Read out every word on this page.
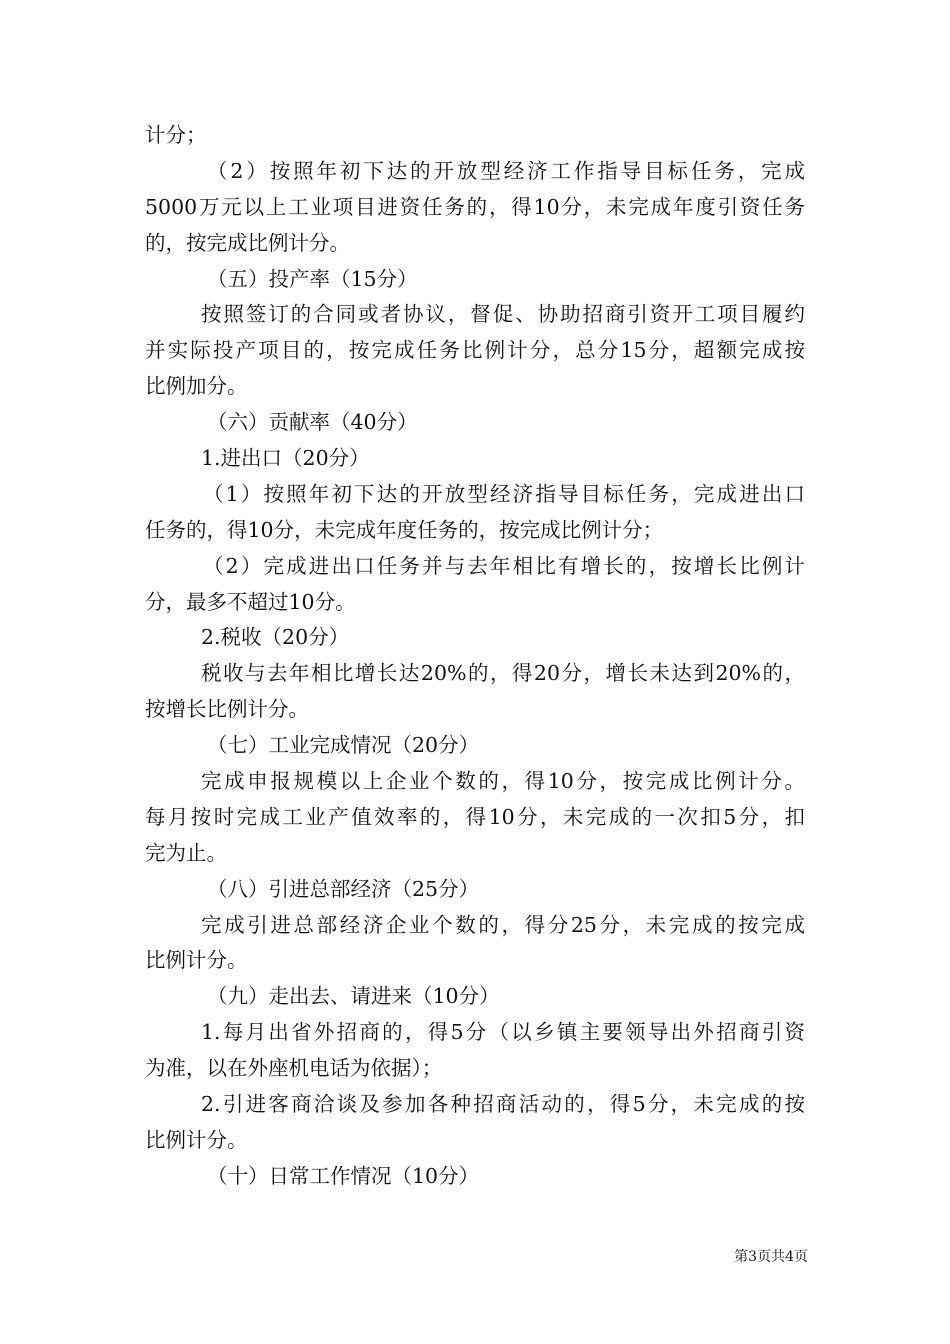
计分；
（2）按照年初下达的开放型经济工作指导目标任务，完成
5000万元以上工业项目进资任务的，得10分，未完成年度引资任务
的，按完成比例计分。
（五）投产率（15分）
按照签订的合同或者协议，督促、协助招商引资开工项目履约
并实际投产项目的，按完成任务比例计分，总分15分，超额完成按
比例加分。
（六）贡献率（40分）
1.进出口（20分）
（1）按照年初下达的开放型经济指导目标任务，完成进出口
任务的，得10分，未完成年度任务的，按完成比例计分；
（2）完成进出口任务并与去年相比有增长的，按增长比例计
分，最多不超过10分。
2.税收（20分）
税收与去年相比增长达20%的，得20分，增长未达到20%的，
按增长比例计分。
（七）工业完成情况（20分）
完成申报规模以上企业个数的，得10分，按完成比例计分。
每月按时完成工业产值效率的，得10分，未完成的一次扣5分，扣
完为止。
（八）引进总部经济（25分）
完成引进总部经济企业个数的，得分25分，未完成的按完成
比例计分。
（九）走出去、请进来（10分）
1.每月出省外招商的，得5分（以乡镇主要领导出外招商引资
为准，以在外座机电话为依据）；
2.引进客商洽谈及参加各种招商活动的，得5分，未完成的按
比例计分。
（十）日常工作情况（10分）
第3页共4页
